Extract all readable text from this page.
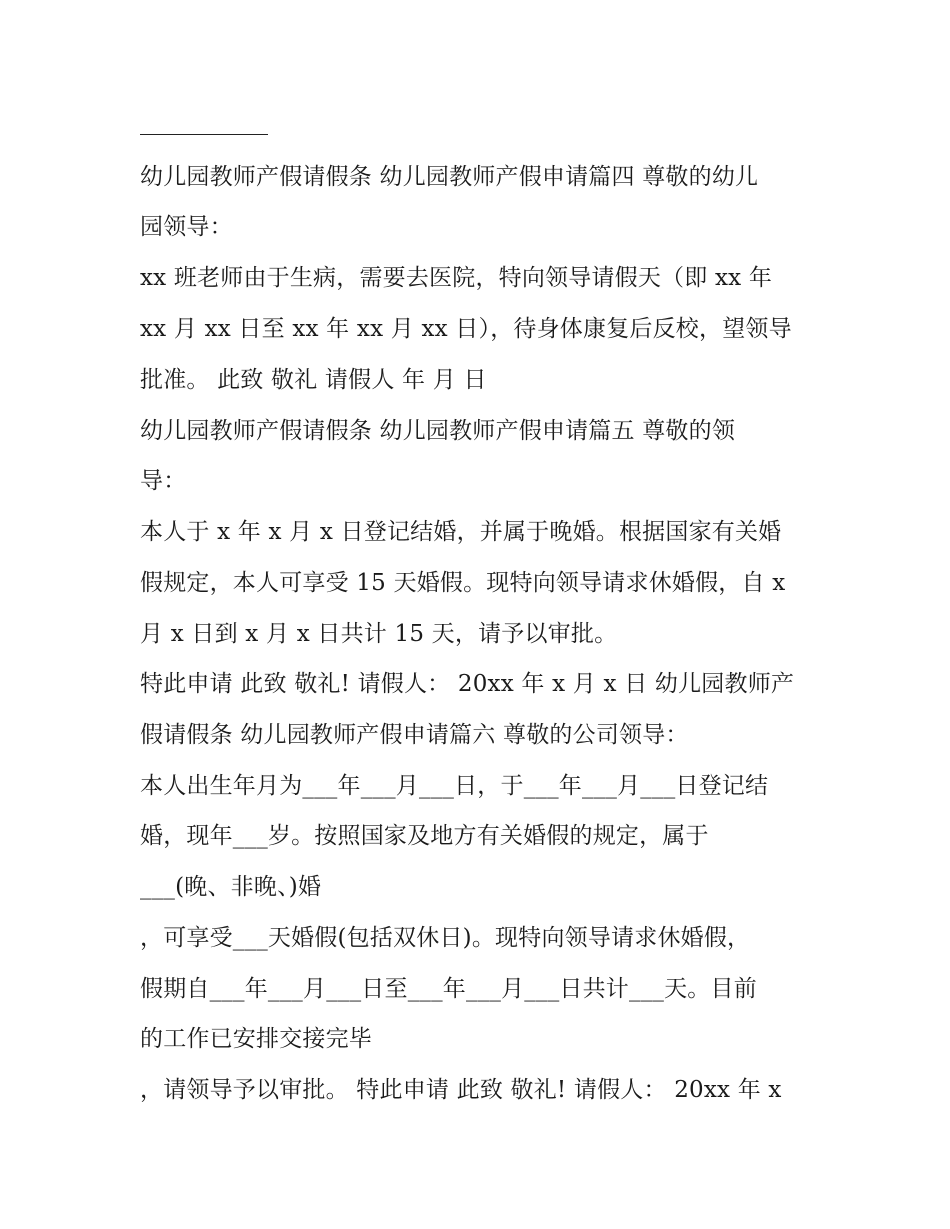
幼儿园教师产假请假条 幼儿园教师产假申请篇四 尊敬的幼儿

园领导：

xx 班老师由于生病，需要去医院，特向领导请假天（即 xx 年

xx 月 xx 日至 xx 年 xx 月 xx 日），待身体康复后反校，望领导

批准。 此致 敬礼 请假人 年 月 日

幼儿园教师产假请假条 幼儿园教师产假申请篇五 尊敬的领

导：

本人于 x 年 x 月 x 日登记结婚，并属于晚婚。根据国家有关婚

假规定，本人可享受 15 天婚假。现特向领导请求休婚假，自 x

月 x 日到 x 月 x 日共计 15 天，请予以审批。

特此申请 此致 敬礼! 请假人： 20xx 年 x 月 x 日 幼儿园教师产

假请假条 幼儿园教师产假申请篇六 尊敬的公司领导：

本人出生年月为___年___月___日，于___年___月___日登记结

婚，现年___岁。按照国家及地方有关婚假的规定，属于

___(晚、非晚、)婚

，可享受___天婚假(包括双休日)。现特向领导请求休婚假，

假期自___年___月___日至___年___月___日共计___天。目前

的工作已安排交接完毕

，请领导予以审批。 特此申请 此致 敬礼! 请假人： 20xx 年 x
